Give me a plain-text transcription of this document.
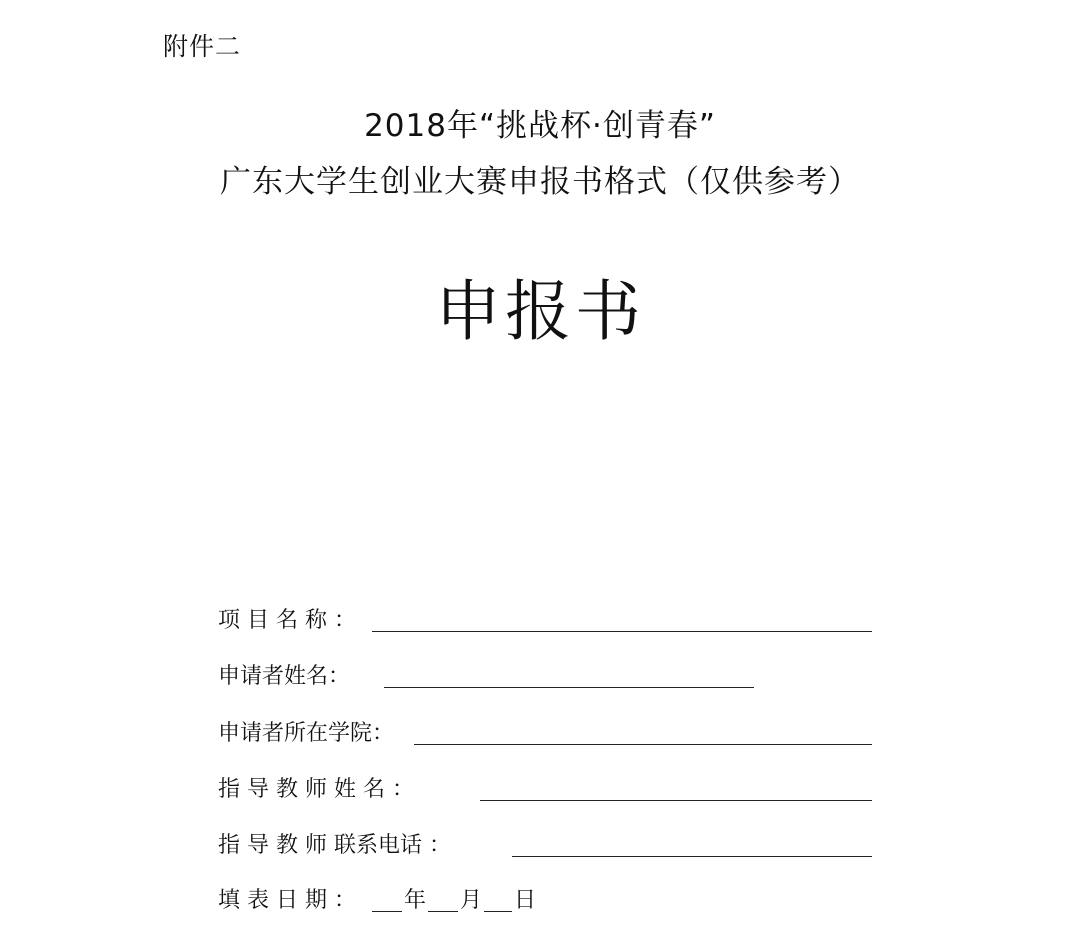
附件二
2018年“挑战杯·创青春”
广东大学生创业大赛申报书格式（仅供参考）
申报书
项 目 名 称 ：
申请者姓名：
申请者所在学院：
指 导 教 师 姓 名 ：
指 导 教 师 联系电话 ：
填 表 日 期 ： 年 月 日
